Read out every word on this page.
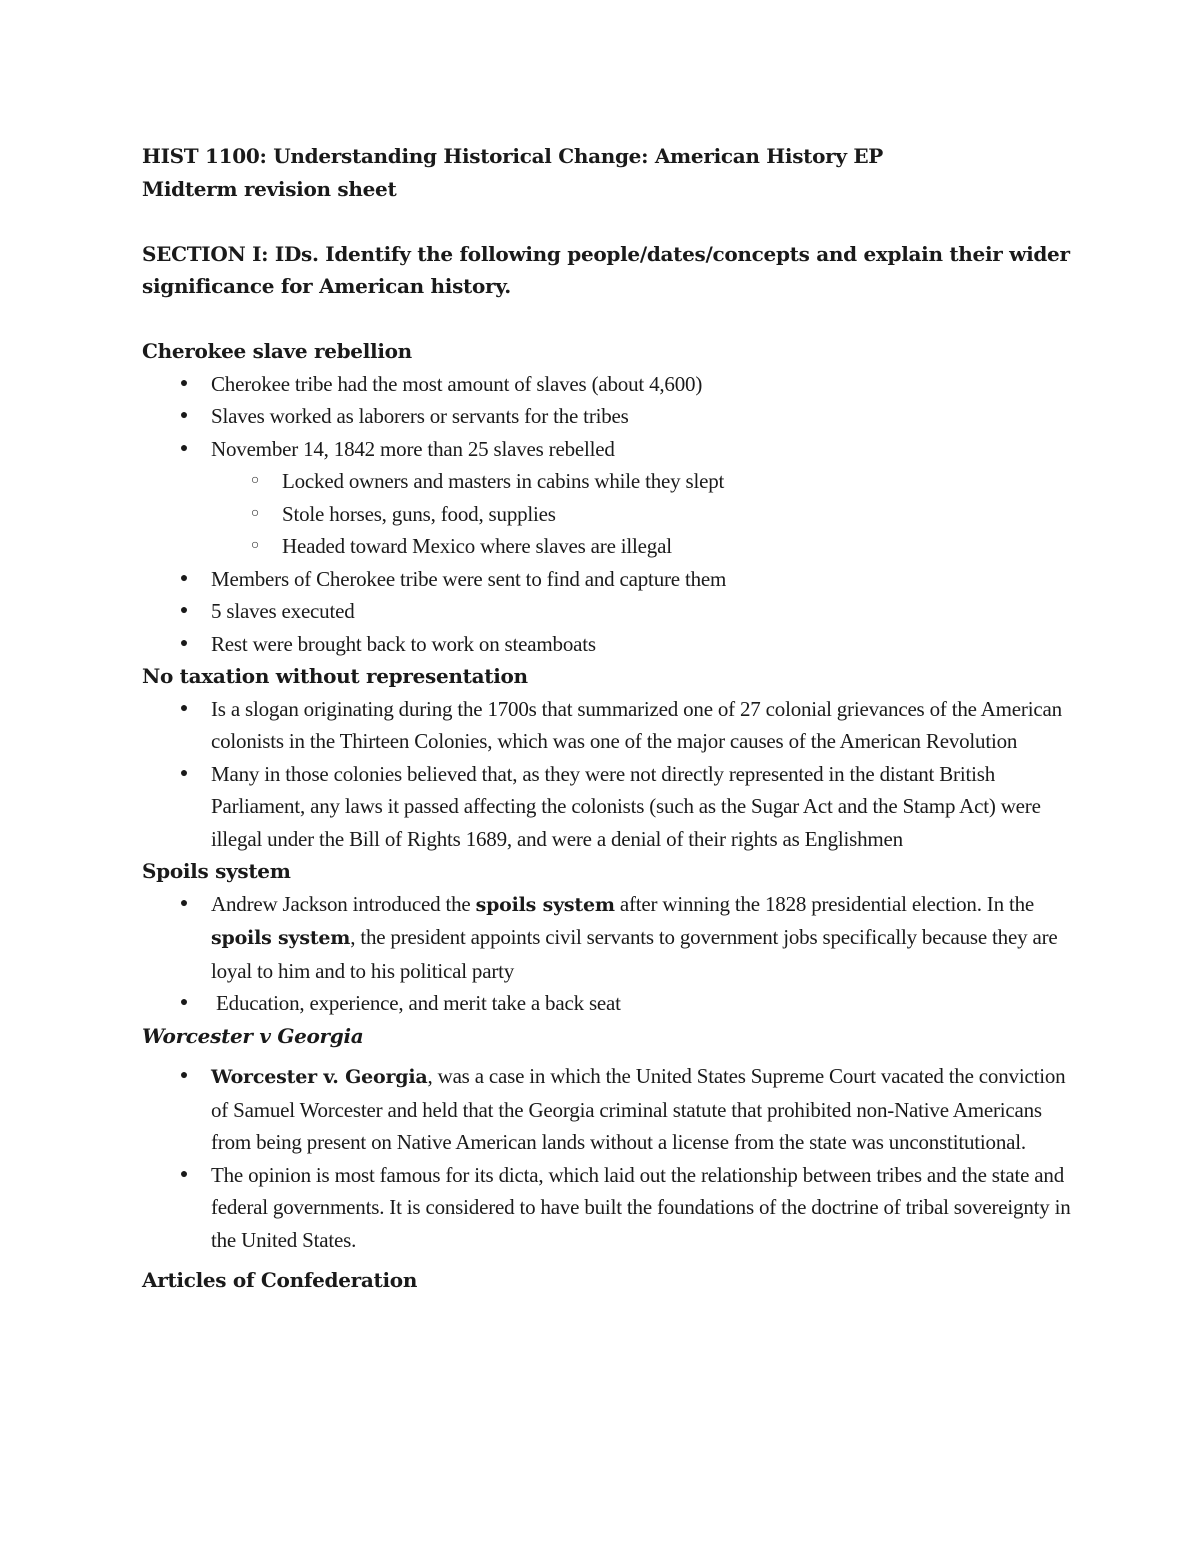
HIST 1100: Understanding Historical Change: American History EP

Midterm revision sheet

SECTION I: IDs. Identify the following people/dates/concepts and explain their wider significance for American history.

Cherokee slave rebellion

● Cherokee tribe had the most amount of slaves (about 4,600)
● Slaves worked as laborers or servants for the tribes
● November 14, 1842 more than 25 slaves rebelled
○ Locked owners and masters in cabins while they slept
○ Stole horses, guns, food, supplies
○ Headed toward Mexico where slaves are illegal
● Members of Cherokee tribe were sent to find and capture them
● 5 slaves executed
● Rest were brought back to work on steamboats

No taxation without representation

● Is a slogan originating during the 1700s that summarized one of 27 colonial grievances of the American colonists in the Thirteen Colonies, which was one of the major causes of the American Revolution
● Many in those colonies believed that, as they were not directly represented in the distant British Parliament, any laws it passed affecting the colonists (such as the Sugar Act and the Stamp Act) were illegal under the Bill of Rights 1689, and were a denial of their rights as Englishmen

Spoils system

● Andrew Jackson introduced the spoils system after winning the 1828 presidential election. In the spoils system, the president appoints civil servants to government jobs specifically because they are loyal to him and to his political party
● Education, experience, and merit take a back seat

Worcester v Georgia

● Worcester v. Georgia, was a case in which the United States Supreme Court vacated the conviction of Samuel Worcester and held that the Georgia criminal statute that prohibited non-Native Americans from being present on Native American lands without a license from the state was unconstitutional.
● The opinion is most famous for its dicta, which laid out the relationship between tribes and the state and federal governments. It is considered to have built the foundations of the doctrine of tribal sovereignty in the United States.

Articles of Confederation
